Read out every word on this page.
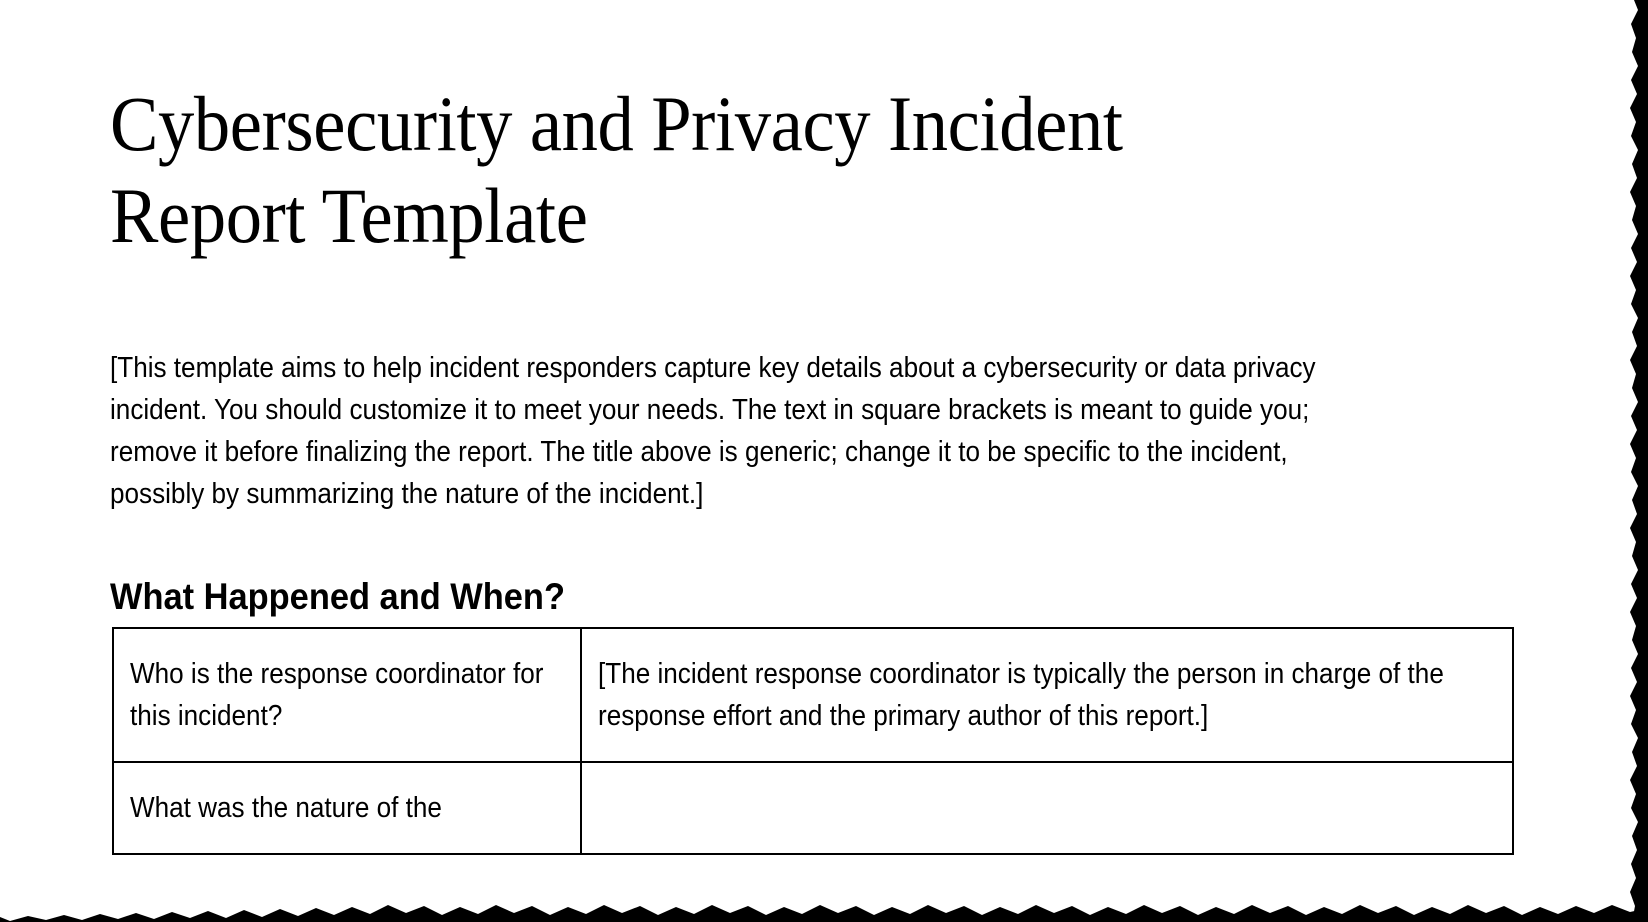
Cybersecurity and Privacy Incident
Report Template

[This template aims to help incident responders capture key details about a cybersecurity or data privacy incident. You should customize it to meet your needs. The text in square brackets is meant to guide you; remove it before finalizing the report. The title above is generic; change it to be specific to the incident, possibly by summarizing the nature of the incident.]

What Happened and When?
Who is the response coordinator for this incident?	[The incident response coordinator is typically the person in charge of the response effort and the primary author of this report.]

What was the nature of the	
